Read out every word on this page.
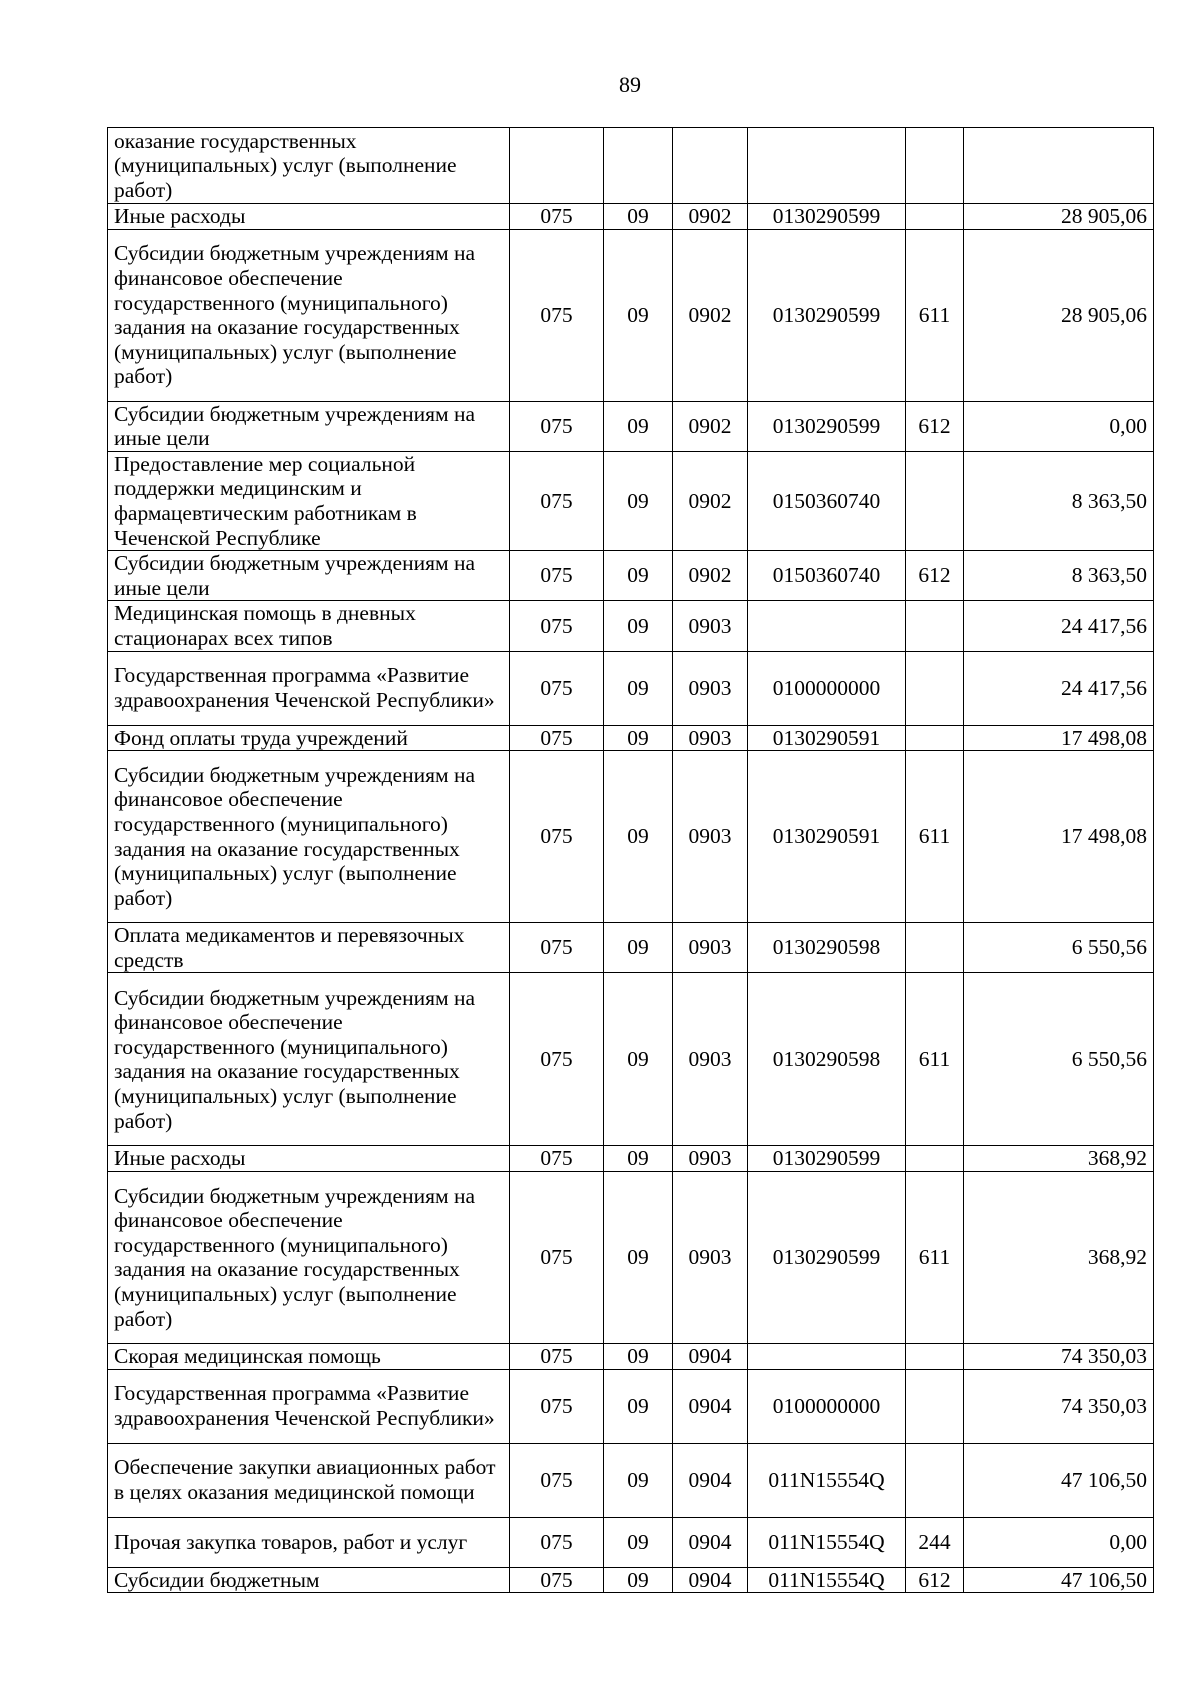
89
оказание государственных (муниципальных) услуг (выполнение работ)						
Иные расходы	075	09	0902	0130290599		28 905,06
Субсидии бюджетным учреждениям на финансовое обеспечение государственного (муниципального) задания на оказание государственных (муниципальных) услуг (выполнение работ)	075	09	0902	0130290599	611	28 905,06
Субсидии бюджетным учреждениям на иные цели	075	09	0902	0130290599	612	0,00
Предоставление мер социальной поддержки медицинским и фармацевтическим работникам в Чеченской Республике	075	09	0902	0150360740		8 363,50
Субсидии бюджетным учреждениям на иные цели	075	09	0902	0150360740	612	8 363,50
Медицинская помощь в дневных стационарах всех типов	075	09	0903			24 417,56
Государственная программа «Развитие здравоохранения Чеченской Республики»	075	09	0903	0100000000		24 417,56
Фонд оплаты труда учреждений	075	09	0903	0130290591		17 498,08
Субсидии бюджетным учреждениям на финансовое обеспечение государственного (муниципального) задания на оказание государственных (муниципальных) услуг (выполнение работ)	075	09	0903	0130290591	611	17 498,08
Оплата медикаментов и перевязочных средств	075	09	0903	0130290598		6 550,56
Субсидии бюджетным учреждениям на финансовое обеспечение государственного (муниципального) задания на оказание государственных (муниципальных) услуг (выполнение работ)	075	09	0903	0130290598	611	6 550,56
Иные расходы	075	09	0903	0130290599		368,92
Субсидии бюджетным учреждениям на финансовое обеспечение государственного (муниципального) задания на оказание государственных (муниципальных) услуг (выполнение работ)	075	09	0903	0130290599	611	368,92
Скорая медицинская помощь	075	09	0904			74 350,03
Государственная программа «Развитие здравоохранения Чеченской Республики»	075	09	0904	0100000000		74 350,03
Обеспечение закупки авиационных работ в целях оказания медицинской помощи	075	09	0904	011N15554Q		47 106,50
Прочая закупка товаров, работ и услуг	075	09	0904	011N15554Q	244	0,00
Субсидии бюджетным	075	09	0904	011N15554Q	612	47 106,50
